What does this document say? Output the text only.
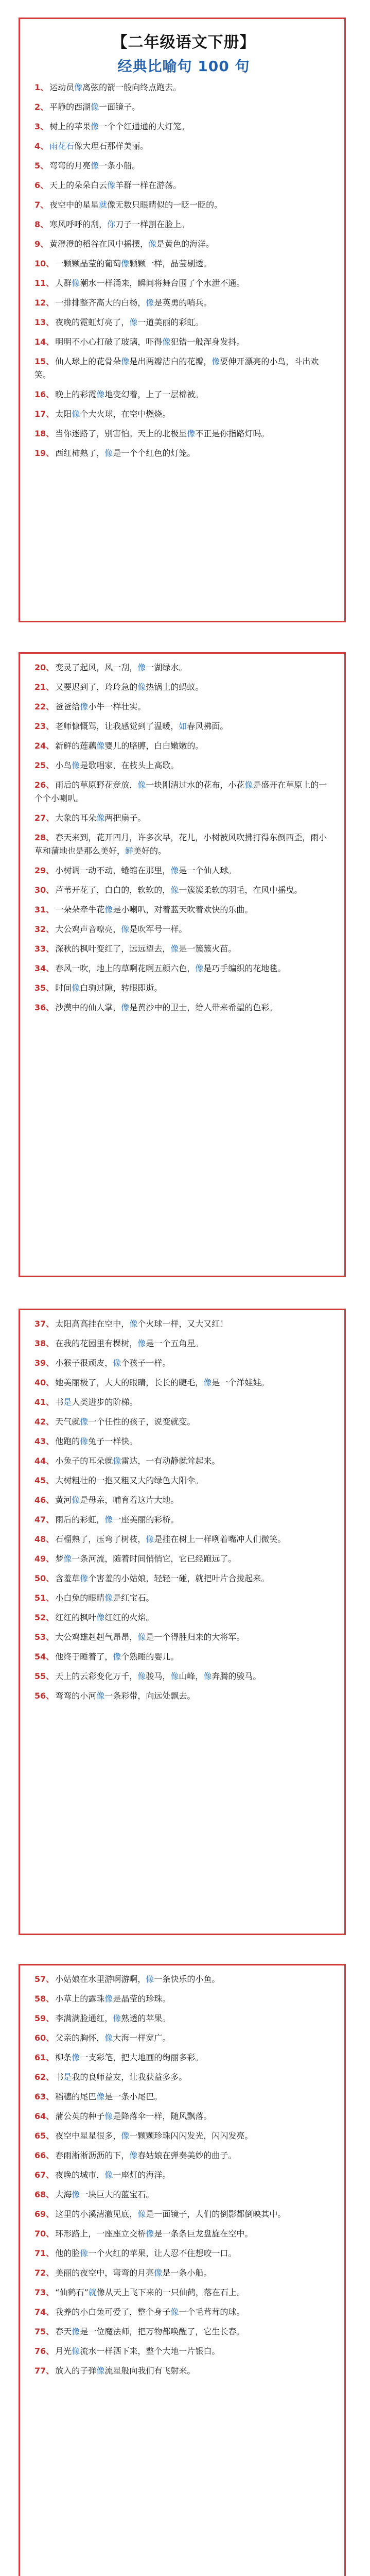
【二年级语文下册】
经典比喻句 100 句

1、 运动员像离弦的箭一般向终点跑去。

2、 平静的西湖像一面镜子。

3、 树上的苹果像一个个红通通的大灯笼。

4、 雨花石像大理石那样美丽。

5、 弯弯的月亮像一条小船。

6、 天上的朵朵白云像羊群一样在游荡。

7、 夜空中的星星就像无数只眼睛似的一眨一眨的。

8、 寒风呼呼的刮，你刀子一样割在脸上。

9、 黄澄澄的稻谷在风中摇摆，像是黄色的海洋。

10、 一颗颗晶莹的葡萄像颗颗一样，晶莹剔透。

11、 人群像潮水一样涌来，瞬间将舞台围了个水泄不通。

12、 一排排整齐高大的白杨，像是英勇的哨兵。

13、 夜晚的霓虹灯亮了，像一道美丽的彩虹。

14、 明明不小心打破了玻璃，吓得像犯错一般浑身发抖。

15、 仙人球上的花骨朵像是出两瓣洁白的花瓣，像要伸开漂亮的小鸟，斗出欢笑。

16、 晚上的彩霞像地变幻着，上了一层棉被。

17、 太阳像个大火球，在空中燃烧。

18、 当你迷路了，别害怕。天上的北极星像不正是你指路灯吗。

19、 西红柿熟了，像是一个个红色的灯笼。

20、 变灵了起风，风一刮，像一湖绿水。

21、 又要迟到了，玲玲急的像热锅上的蚂蚁。

22、 爸爸给像小牛一样壮实。

23、 老师慷慨骂，让我感觉到了温暖，如春风拂面。

24、 新鲜的莲藕像婴儿的胳膊，白白嫩嫩的。

25、 小鸟像是歌唱家，在枝头上高歌。

26、 雨后的草原野花竞放，像一块刚清过水的花布，小花像是盛开在草原上的一个个小喇叭。

27、 大象的耳朵像两把扇子。

28、 春天来到，花开四月，许多次早，花儿，小树被风吹拂打得东倒西歪，雨小草和蒲地也是那么美好，鲜美好的。

29、 小树调一动不动，蜷缩在那里，像是一个仙人球。

30、 芦苇开花了，白白的，软软的，像一簇簇柔软的羽毛，在风中摇曳。

31、 一朵朵牵牛花像是小喇叭，对着蓝天吹着欢快的乐曲。

32、 大公鸡声音嘹亮，像是吹军号一样。

33、 深秋的枫叶变红了，远远望去，像是一簇簇火苗。

34、 春风一吹，地上的草啊花啊五颜六色，像是巧手编织的花地毯。

35、 时间像白驹过隙，转眼即逝。

36、 沙漠中的仙人掌，像是黄沙中的卫士，给人带来希望的色彩。

37、 太阳高高挂在空中，像个火球一样，又大又红！

38、 在我的花园里有棵树，像是一个五角星。

39、 小猴子很顽皮，像个孩子一样。

40、 她美丽极了，大大的眼睛，长长的睫毛，像是一个洋娃娃。

41、 书是人类进步的阶梯。

42、 天气就像一个任性的孩子，说变就变。

43、 他跑的像兔子一样快。

44、 小兔子的耳朵就像雷达，一有动静就耸起来。

45、 大树粗壮的一抱又粗又大的绿色大阳伞。

46、 黄河像是母亲，哺育着这片大地。

47、 雨后的彩虹，像一座美丽的彩桥。

48、 石榴熟了，压弯了树枝，像是挂在树上一样咧着嘴冲人们微笑。

49、 梦像一条河流，随着时间悄悄它，它已经跑远了。

50、 含羞草像个害羞的小姑娘，轻轻一碰，就把叶片合拢起来。

51、 小白兔的眼睛像是红宝石。

52、 红红的枫叶像红红的火焰。

53、 大公鸡雄赳赳气昂昂，像是一个得胜归来的大将军。

54、 他终于睡着了，像个熟睡的婴儿。

55、 天上的云彩变化万千，像骏马，像山峰，像奔腾的骏马。

56、 弯弯的小河像一条彩带，向远处飘去。

57、 小姑娘在水里游啊游啊，像一条快乐的小鱼。

58、 小草上的露珠像是晶莹的珍珠。

59、 李满满脸通红，像熟透的苹果。

60、 父亲的胸怀，像大海一样宽广。

61、 柳条像一支彩笔，把大地画的绚丽多彩。

62、 书是我的良师益友，让我获益多多。

63、 稻穗的尾巴像是一条小尾巴。

64、 蒲公英的种子像是降落伞一样，随风飘落。

65、 夜空中星星很多，像一颗颗珍珠闪闪发光，闪闪发亮。

66、 春雨淅淅沥沥的下，像春姑娘在弹奏美妙的曲子。

67、 夜晚的城市，像一座灯的海洋。

68、 大海像一块巨大的蓝宝石。

69、 这里的小溪清澈见底，像是一面镜子，人们的倒影都倒映其中。

70、 环形路上，一座座立交桥像是一条条巨龙盘旋在空中。

71、 他的脸像一个火红的苹果，让人忍不住想咬一口。

72、 美丽的夜空中，弯弯的月亮像是一条小船。

73、 “仙鹤石”就像从天上飞下来的一只仙鹤，落在石上。

74、 我养的小白兔可爱了，整个身子像一个毛茸茸的球。

75、 春天像是一位魔法师，把万物都唤醒了，它生长春。

76、 月光像流水一样洒下来，整个大地一片银白。

77、 放入的子弹像流星般向我们有飞射来。
